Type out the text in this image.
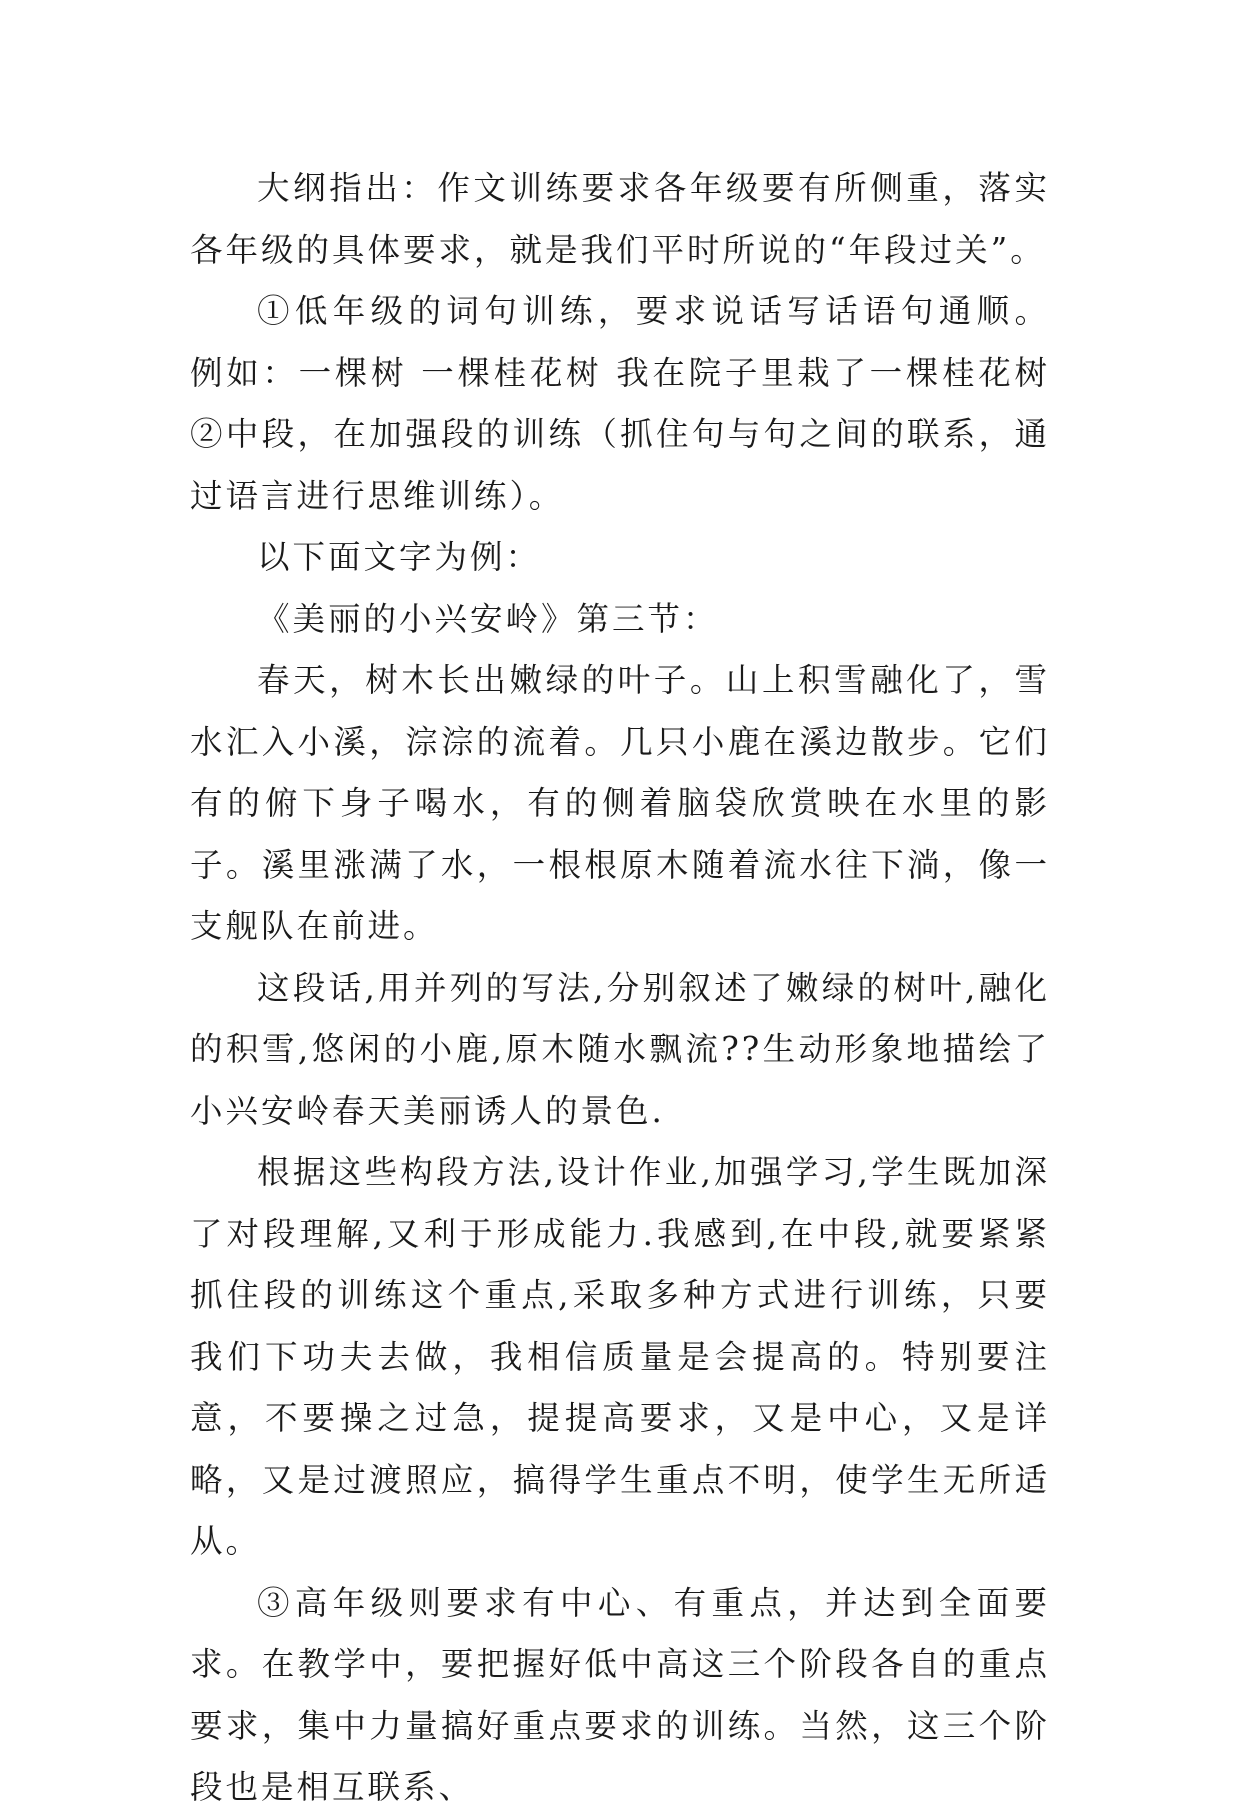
大纲指出：作文训练要求各年级要有所侧重，落实各年级的具体要求，就是我们平时所说的“年段过关”。

①低年级的词句训练，要求说话写话语句通顺。 例如：一棵树 一棵桂花树 我在院子里栽了一棵桂花树 ②中段，在加强段的训练（抓住句与句之间的联系，通过语言进行思维训练）。

以下面文字为例：

《美丽的小兴安岭》第三节：

春天，树木长出嫩绿的叶子。山上积雪融化了，雪水汇入小溪，淙淙的流着。几只小鹿在溪边散步。它们有的俯下身子喝水，有的侧着脑袋欣赏映在水里的影子。溪里涨满了水，一根根原木随着流水往下淌，像一支舰队在前进。

这段话,用并列的写法,分别叙述了嫩绿的树叶,融化的积雪,悠闲的小鹿,原木随水飘流??生动形象地描绘了小兴安岭春天美丽诱人的景色.

根据这些构段方法,设计作业,加强学习,学生既加深了对段理解,又利于形成能力.我感到,在中段,就要紧紧抓住段的训练这个重点,采取多种方式进行训练，只要我们下功夫去做，我相信质量是会提高的。特别要注意，不要操之过急，提提高要求，又是中心，又是详略，又是过渡照应，搞得学生重点不明，使学生无所适从。

③高年级则要求有中心、有重点，并达到全面要求。在教学中，要把握好低中高这三个阶段各自的重点要求，集中力量搞好重点要求的训练。当然，这三个阶段也是相互联系、
